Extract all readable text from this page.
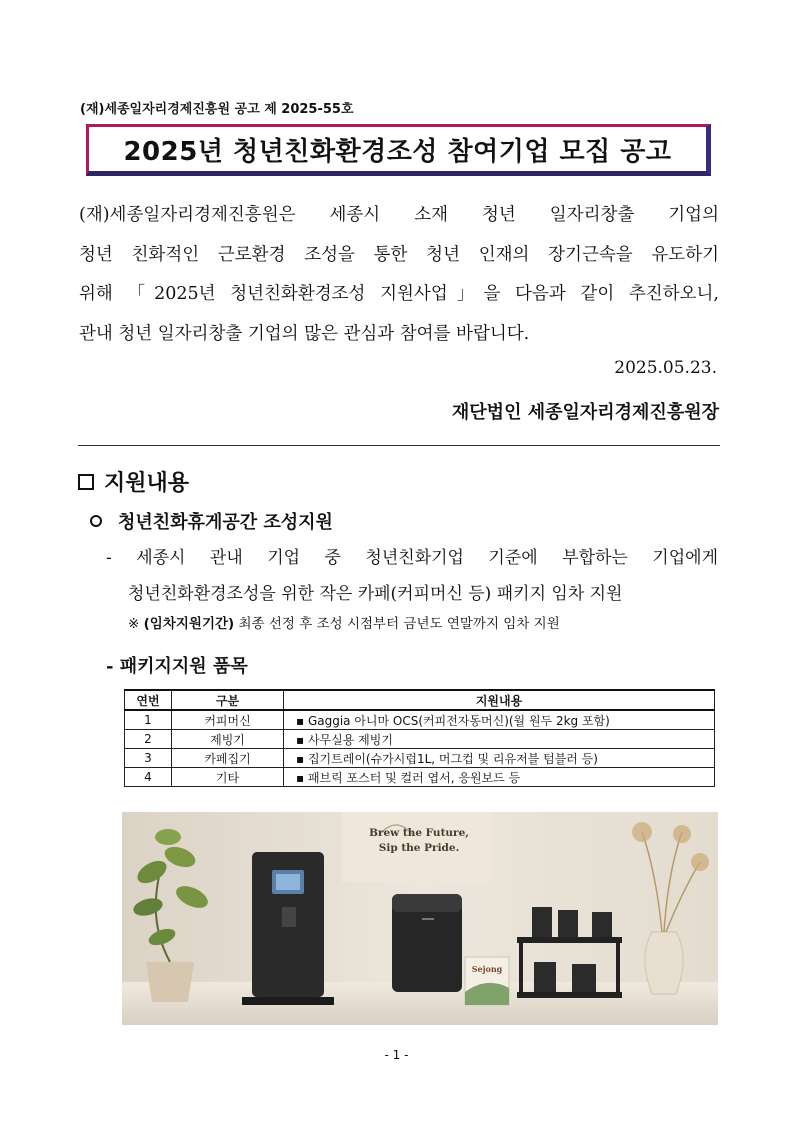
(재)세종일자리경제진흥원 공고 제 2025-55호
2025년 청년친화환경조성 참여기업 모집 공고
(재)세종일자리경제진흥원은 세종시 소재 청년 일자리창출 기업의
청년 친화적인 근로환경 조성을 통한 청년 인재의 장기근속을 유도하기
위해 「2025년 청년친화환경조성 지원사업」을 다음과 같이 추진하오니,
관내 청년 일자리창출 기업의 많은 관심과 참여를 바랍니다.
2025.05.23.
재단법인 세종일자리경제진흥원장
지원내용
청년친화휴게공간 조성지원
- 세종시 관내 기업 중 청년친화기업 기준에 부합하는 기업에게
청년친화환경조성을 위한 작은 카페(커피머신 등) 패키지 임차 지원
※ (임차지원기간) 최종 선정 후 조성 시점부터 금년도 연말까지 임차 지원
- 패키지지원 품목
연번	구분	지원내용
1	커피머신	▪ Gaggia 아니마 OCS(커피전자동머신)(월 원두 2kg 포함)
2	제빙기	▪ 사무실용 제빙기
3	카페집기	▪ 집기트레이(슈가시럽1L, 머그컵 및 리유저블 텀블러 등)
4	기타	▪ 패브릭 포스터 및 컬러 엽서, 응원보드 등
Brew the Future,
Sip the Pride.
Sejong
- 1 -
